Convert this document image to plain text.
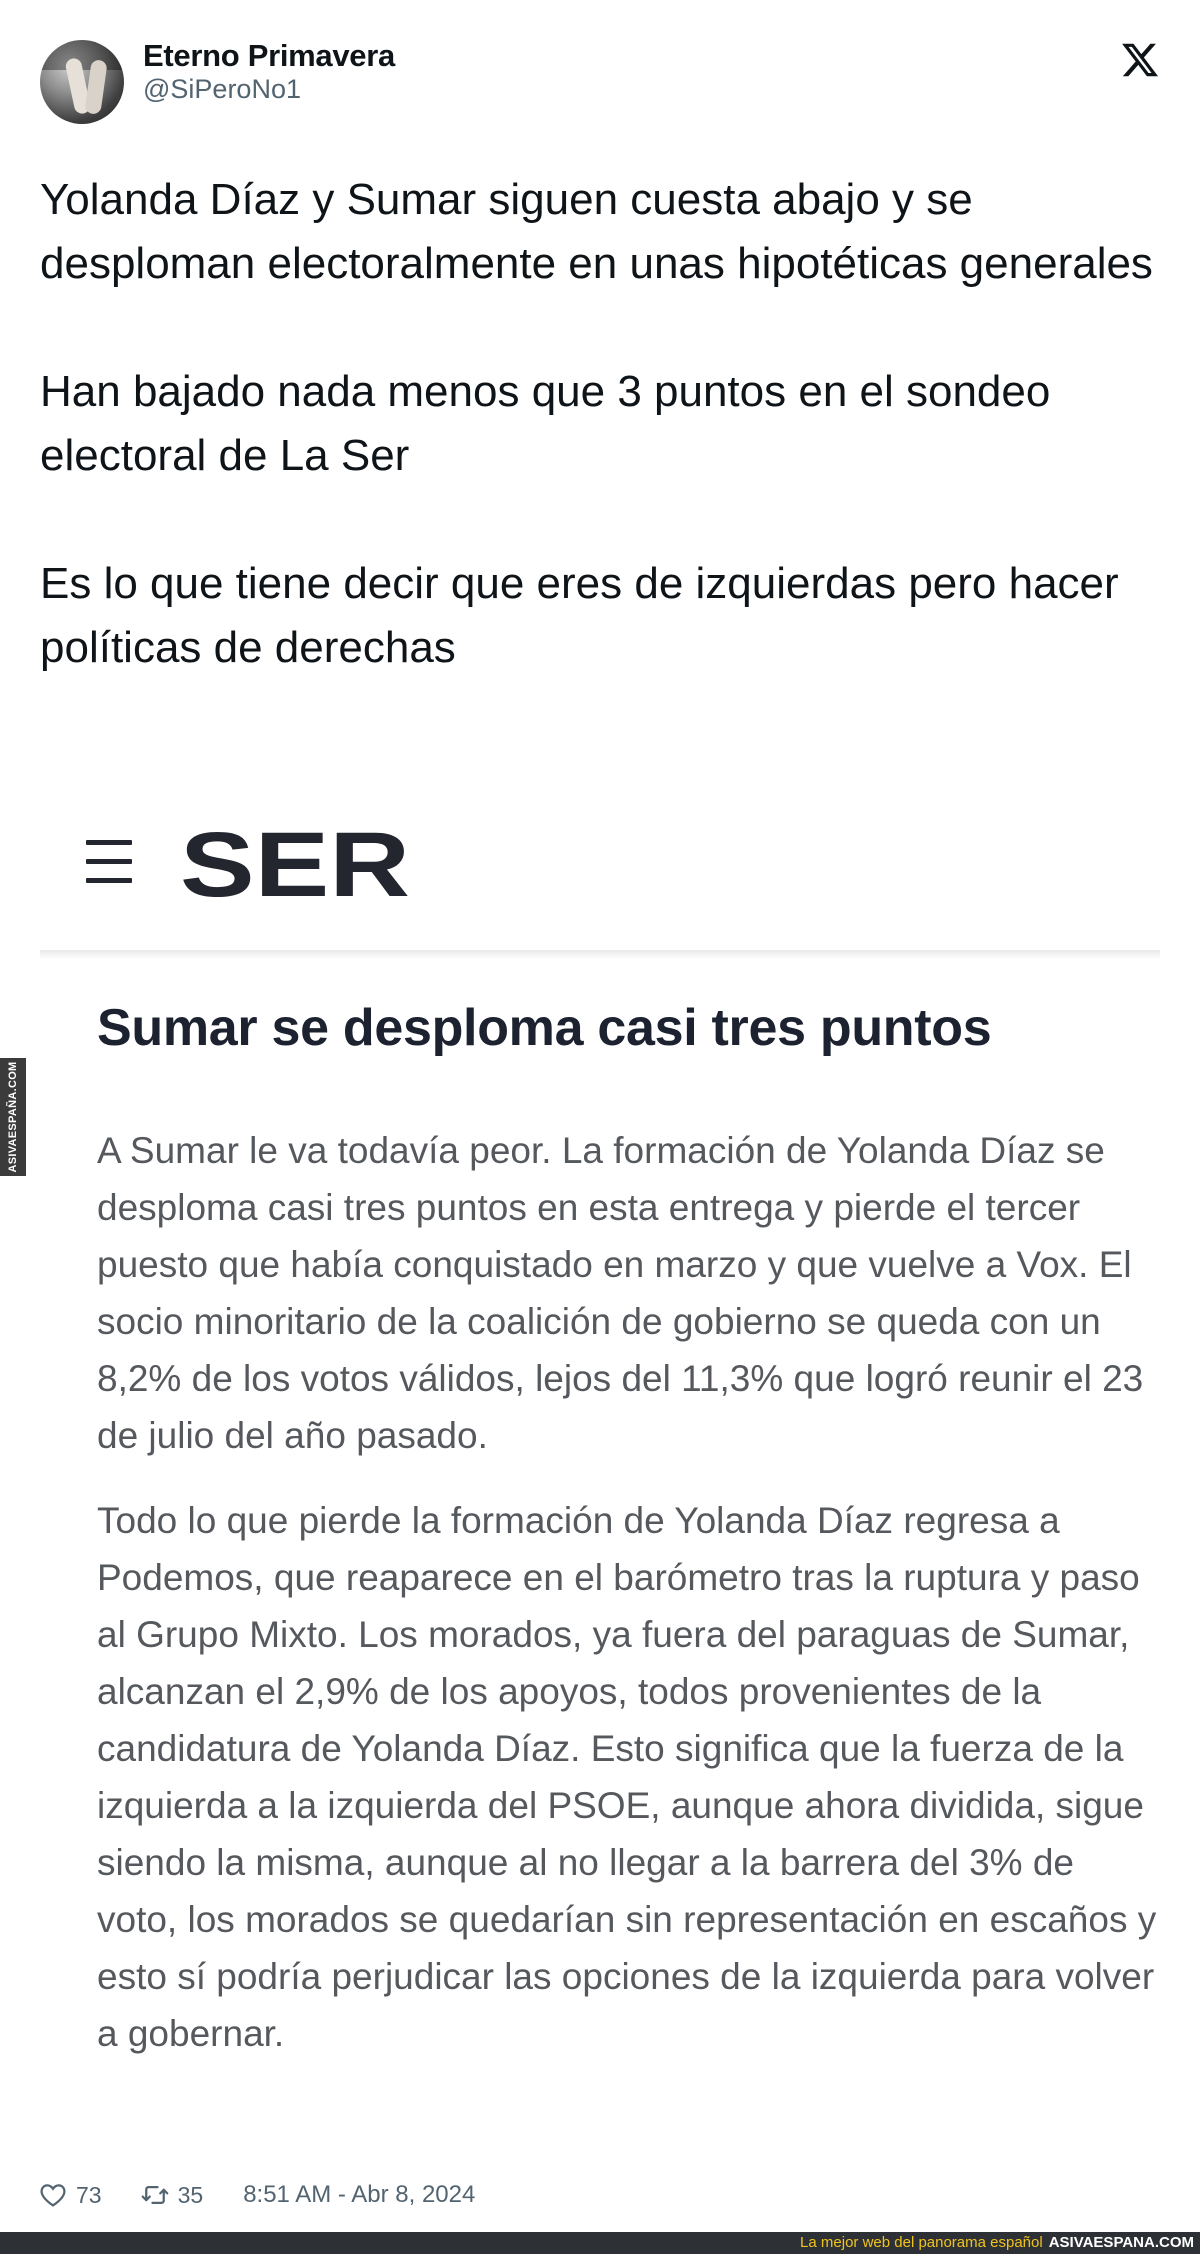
Eterno Primavera
@SiPeroNo1

Yolanda Díaz y Sumar siguen cuesta abajo y se desploman electoralmente en unas hipotéticas generales

Han bajado nada menos que 3 puntos en el sondeo electoral de La Ser

Es lo que tiene decir que eres de izquierdas pero hacer políticas de derechas

SER
Sumar se desploma casi tres puntos

A Sumar le va todavía peor. La formación de Yolanda Díaz se desploma casi tres puntos en esta entrega y pierde el tercer puesto que había conquistado en marzo y que vuelve a Vox. El socio minoritario de la coalición de gobierno se queda con un 8,2% de los votos válidos, lejos del 11,3% que logró reunir el 23 de julio del año pasado.

Todo lo que pierde la formación de Yolanda Díaz regresa a Podemos, que reaparece en el barómetro tras la ruptura y paso al Grupo Mixto. Los morados, ya fuera del paraguas de Sumar, alcanzan el 2,9% de los apoyos, todos provenientes de la candidatura de Yolanda Díaz. Esto significa que la fuerza de la izquierda a la izquierda del PSOE, aunque ahora dividida, sigue siendo la misma, aunque al no llegar a la barrera del 3% de voto, los morados se quedarían sin representación en escaños y esto sí podría perjudicar las opciones de la izquierda para volver a gobernar.

73	35 8:51 AM - Abr 8, 2024
ASIVAESPAÑA.COM
La mejor web del panorama español ASIVAESPANA.COM
